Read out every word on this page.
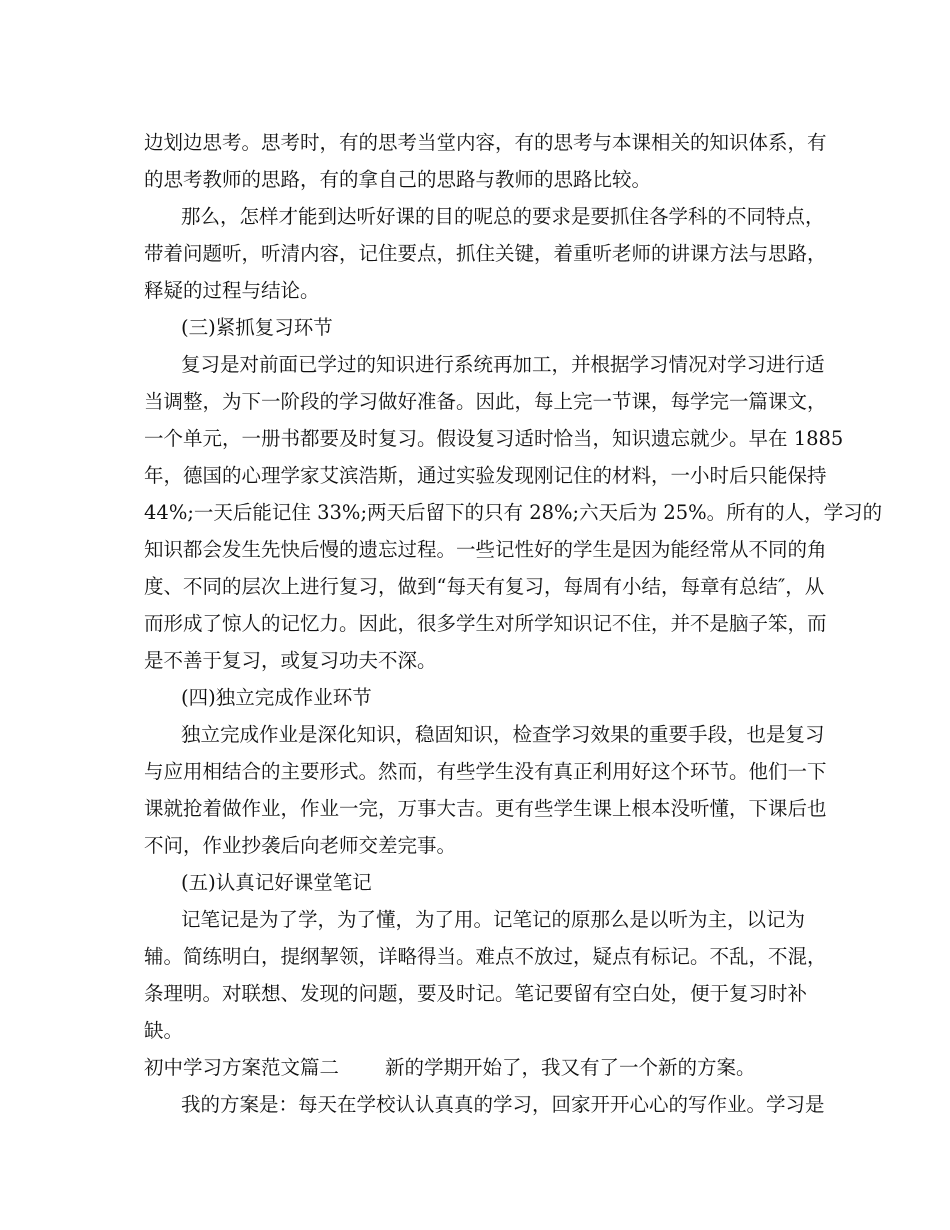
边划边思考。思考时，有的思考当堂内容，有的思考与本课相关的知识体系，有
的思考教师的思路，有的拿自己的思路与教师的思路比较。
那么，怎样才能到达听好课的目的呢总的要求是要抓住各学科的不同特点，
带着问题听，听清内容，记住要点，抓住关键，着重听老师的讲课方法与思路，
释疑的过程与结论。
(三)紧抓复习环节
复习是对前面已学过的知识进行系统再加工，并根据学习情况对学习进行适
当调整，为下一阶段的学习做好准备。因此，每上完一节课，每学完一篇课文，
一个单元，一册书都要及时复习。假设复习适时恰当，知识遗忘就少。早在 1885
年，德国的心理学家艾滨浩斯，通过实验发现刚记住的材料，一小时后只能保持
44%;一天后能记住 33%;两天后留下的只有 28%;六天后为 25%。所有的人，学习的
知识都会发生先快后慢的遗忘过程。一些记性好的学生是因为能经常从不同的角
度、不同的层次上进行复习，做到“每天有复习，每周有小结，每章有总结″，从
而形成了惊人的记忆力。因此，很多学生对所学知识记不住，并不是脑子笨，而
是不善于复习，或复习功夫不深。
(四)独立完成作业环节
独立完成作业是深化知识，稳固知识，检查学习效果的重要手段，也是复习
与应用相结合的主要形式。然而，有些学生没有真正利用好这个环节。他们一下
课就抢着做作业，作业一完，万事大吉。更有些学生课上根本没听懂，下课后也
不问，作业抄袭后向老师交差完事。
(五)认真记好课堂笔记
记笔记是为了学，为了懂，为了用。记笔记的原那么是以听为主，以记为
辅。简练明白，提纲挈领，详略得当。难点不放过，疑点有标记。不乱，不混，
条理明。对联想、发现的问题，要及时记。笔记要留有空白处，便于复习时补
缺。
初中学习方案范文篇二 新的学期开始了，我又有了一个新的方案。
我的方案是：每天在学校认认真真的学习，回家开开心心的写作业。学习是
